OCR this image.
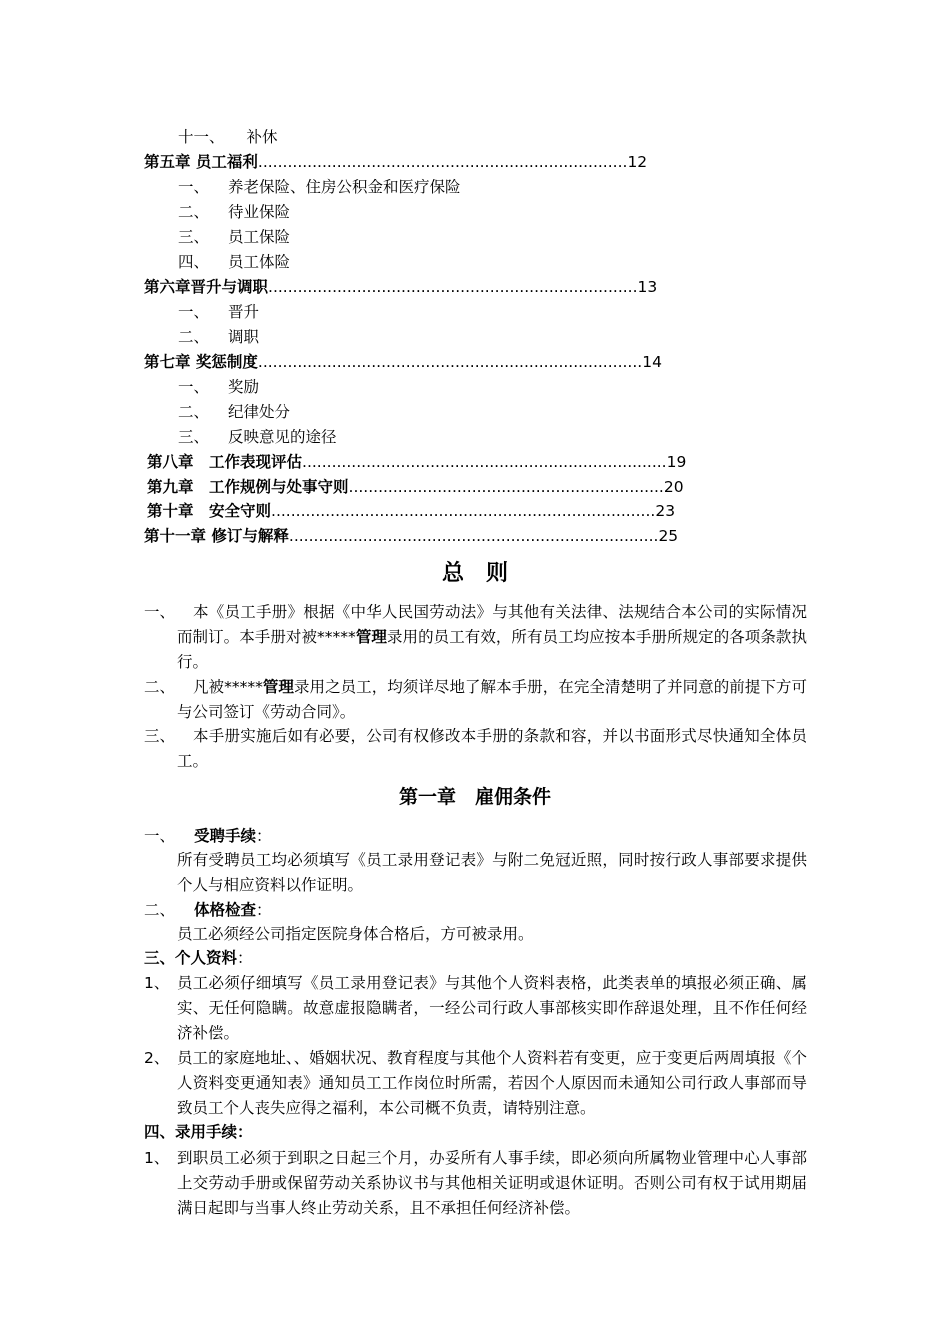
十一、 补休
第五章 员工福利...........................................................................12
一、 养老保险、住房公积金和医疗保险
二、 待业保险
三、 员工保险
四、 员工体险
第六章晋升与调职...........................................................................13
一、 晋升
二、 调职
第七章 奖惩制度..............................................................................14
一、 奖励
二、 纪律处分
三、 反映意见的途径
第八章　工作表现评估..........................................................................19
第九章　工作规例与处事守则................................................................20
第十章　安全守则..............................................................................23
第十一章 修订与解释...........................................................................25
总　则
一、	本《员工手册》根据《中华人民国劳动法》与其他有关法律、法规结合本公司的实际情况而制订。本手册对被*****管理录用的员工有效，所有员工均应按本手册所规定的各项条款执行。
二、	凡被*****管理录用之员工，均须详尽地了解本手册，在完全清楚明了并同意的前提下方可与公司签订《劳动合同》。
三、	本手册实施后如有必要，公司有权修改本手册的条款和容，并以书面形式尽快通知全体员工。
第一章　雇佣条件
一、 受聘手续：
所有受聘员工均必须填写《员工录用登记表》与附二免冠近照，同时按行政人事部要求提供个人与相应资料以作证明。
二、 体格检查：
员工必须经公司指定医院身体合格后，方可被录用。
三、个人资料：
1、 员工必须仔细填写《员工录用登记表》与其他个人资料表格，此类表单的填报必须正确、属实、无任何隐瞒。故意虚报隐瞒者，一经公司行政人事部核实即作辞退处理，且不作任何经济补偿。
2、 员工的家庭地址、、婚姻状况、教育程度与其他个人资料若有变更，应于变更后两周填报《个人资料变更通知表》通知员工工作岗位时所需，若因个人原因而未通知公司行政人事部而导致员工个人丧失应得之福利，本公司概不负责，请特别注意。
四、录用手续：
1、 到职员工必须于到职之日起三个月，办妥所有人事手续，即必须向所属物业管理中心人事部上交劳动手册或保留劳动关系协议书与其他相关证明或退休证明。否则公司有权于试用期届满日起即与当事人终止劳动关系，且不承担任何经济补偿。
